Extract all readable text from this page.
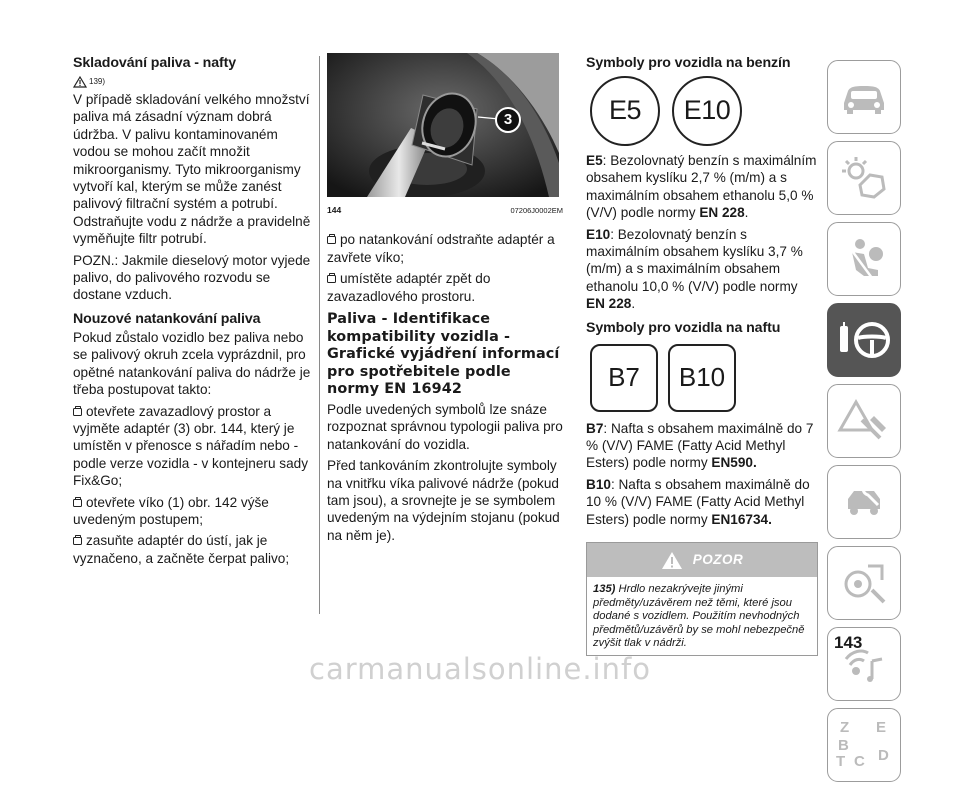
Skladování paliva - nafty
139)

V případě skladování velkého množství paliva má zásadní význam dobrá údržba. V palivu kontaminovaném vodou se mohou začít množit mikroorganismy. Tyto mikroorganismy vytvoří kal, kterým se může zanést palivový filtrační systém a potrubí. Odstraňujte vodu z nádrže a pravidelně vyměňujte filtr potrubí.

POZN.: Jakmile dieselový motor vyjede palivo, do palivového rozvodu se dostane vzduch.

Nouzové natankování paliva

Pokud zůstalo vozidlo bez paliva nebo se palivový okruh zcela vyprázdnil, pro opětné natankování paliva do nádrže je třeba postupovat takto:

otevřete zavazadlový prostor a vyjměte adaptér (3) obr. 144, který je umístěn v přenosce s nářadím nebo - podle verze vozidla - v kontejneru sady Fix&Go;

otevřete víko (1) obr. 142 výše uvedeným postupem;

zasuňte adaptér do ústí, jak je vyznačeno, a začněte čerpat palivo;

3
144	07206J0002EM

po natankování odstraňte adaptér a zavřete víko;

umístěte adaptér zpět do zavazadlového prostoru.

Paliva - Identifikace kompatibility vozidla - Grafické vyjádření informací pro spotřebitele podle normy EN 16942

Podle uvedených symbolů lze snáze rozpoznat správnou typologii paliva pro natankování do vozidla.

Před tankováním zkontrolujte symboly na vnitřku víka palivové nádrže (pokud tam jsou), a srovnejte je se symbolem uvedeným na výdejním stojanu (pokud na něm je).

Symboly pro vozidla na benzín
E5	E10

E5: Bezolovnatý benzín s maximálním obsahem kyslíku 2,7 % (m/m) a s maximálním obsahem ethanolu 5,0 % (V/V) podle normy EN 228.

E10: Bezolovnatý benzín s maximálním obsahem kyslíku 3,7 % (m/m) a s maximálním obsahem ethanolu 10,0 % (V/V) podle normy EN 228.

Symboly pro vozidla na naftu
B7	B10

B7: Nafta s obsahem maximálně do 7 % (V/V) FAME (Fatty Acid Methyl Esters) podle normy EN590.

B10: Nafta s obsahem maximálně do 10 % (V/V) FAME (Fatty Acid Methyl Esters) podle normy EN16734.

POZOR
135) Hrdlo nezakrývejte jinými předměty/uzávěrem než těmi, které jsou dodané s vozidlem. Použitím nevhodných předmětů/uzávěrů by se mohl nebezpečně zvýšit tlak v nádrži.
Z E
B
C
T D
143
carmanualsonline.info
